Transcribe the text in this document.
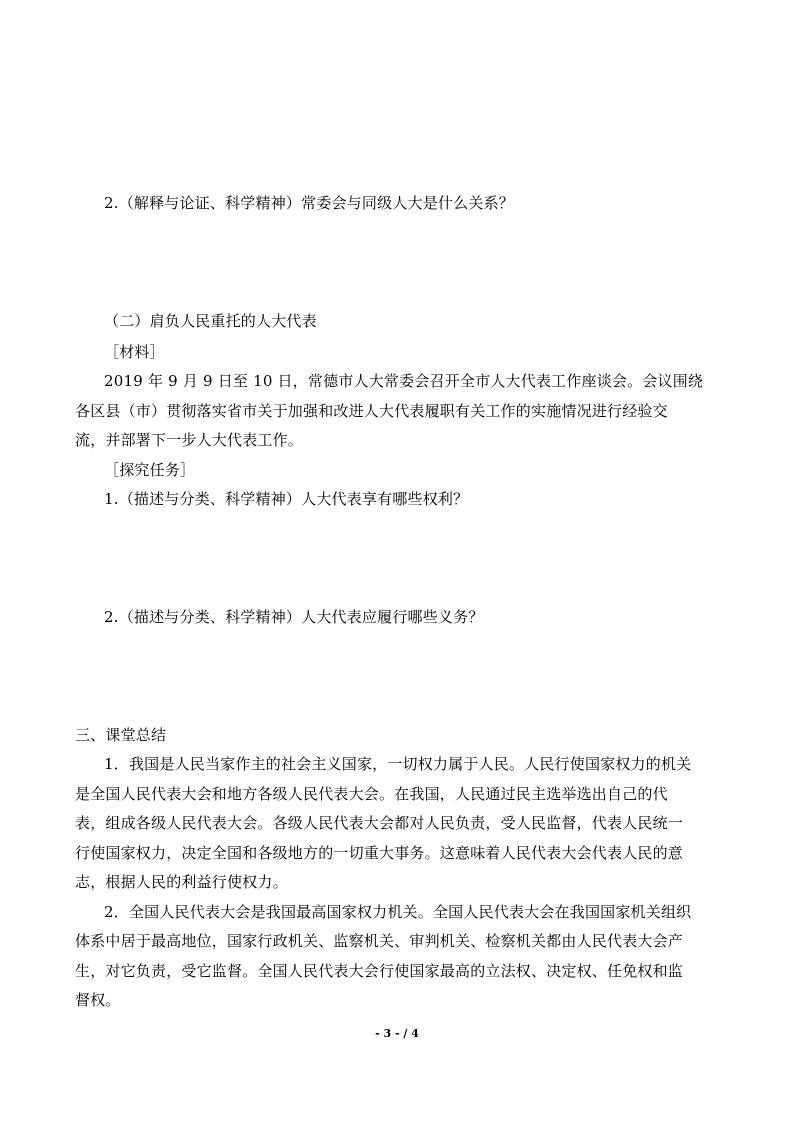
2.（解释与论证、科学精神）常委会与同级人大是什么关系？
（二）肩负人民重托的人大代表
［材料］
2019 年 9 月 9 日至 10 日，常德市人大常委会召开全市人大代表工作座谈会。会议围绕
各区县（市）贯彻落实省市关于加强和改进人大代表履职有关工作的实施情况进行经验交
流，并部署下一步人大代表工作。
［探究任务］
1.（描述与分类、科学精神）人大代表享有哪些权利？
2.（描述与分类、科学精神）人大代表应履行哪些义务？
三、课堂总结
1．我国是人民当家作主的社会主义国家，一切权力属于人民。人民行使国家权力的机关
是全国人民代表大会和地方各级人民代表大会。在我国，人民通过民主选举选出自己的代
表，组成各级人民代表大会。各级人民代表大会都对人民负责，受人民监督，代表人民统一
行使国家权力，决定全国和各级地方的一切重大事务。这意味着人民代表大会代表人民的意
志，根据人民的利益行使权力。
2．全国人民代表大会是我国最高国家权力机关。全国人民代表大会在我国国家机关组织
体系中居于最高地位，国家行政机关、监察机关、审判机关、检察机关都由人民代表大会产
生，对它负责，受它监督。全国人民代表大会行使国家最高的立法权、决定权、任免权和监
督权。
- 3 - / 4
